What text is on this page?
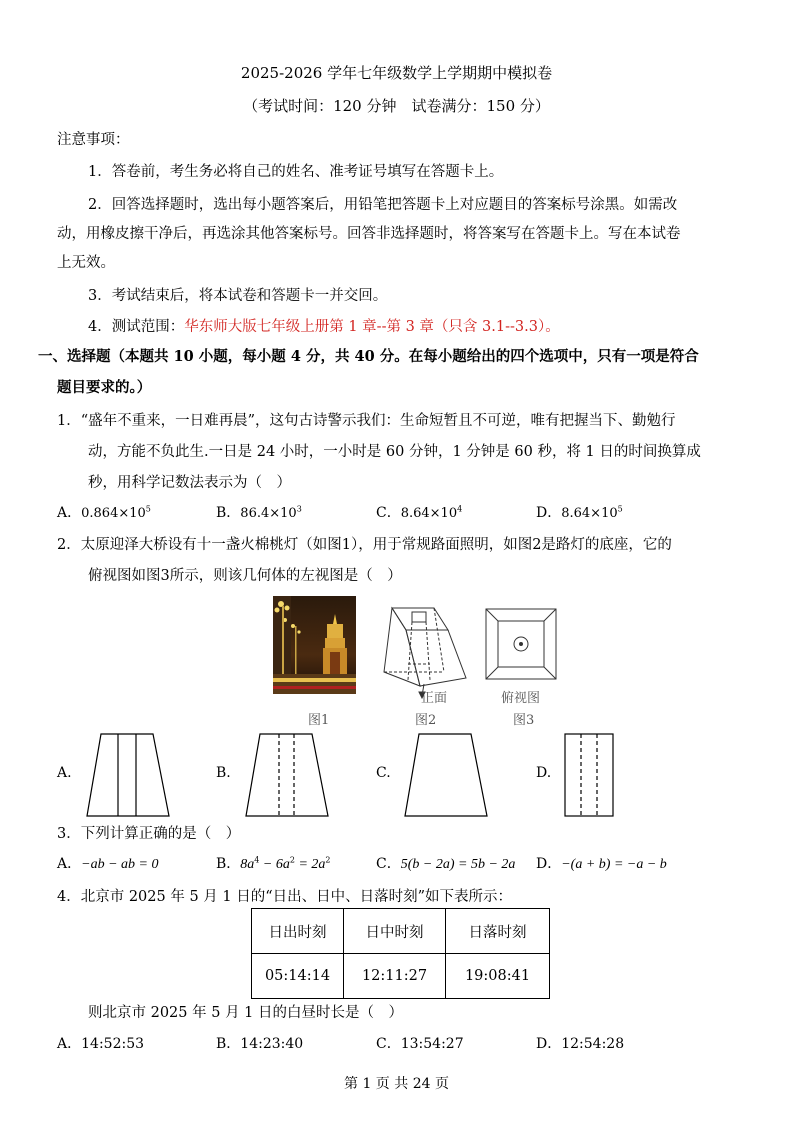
2025-2026 学年七年级数学上学期期中模拟卷
（考试时间：120 分钟　试卷满分：150 分）
注意事项：
1．答卷前，考生务必将自己的姓名、准考证号填写在答题卡上。
2．回答选择题时，选出每小题答案后，用铅笔把答题卡上对应题目的答案标号涂黑。如需改
动，用橡皮擦干净后，再选涂其他答案标号。回答非选择题时，将答案写在答题卡上。写在本试卷
上无效。
3．考试结束后，将本试卷和答题卡一并交回。
4．测试范围：华东师大版七年级上册第 1 章--第 3 章（只含 3.1--3.3）。
一、选择题（本题共 10 小题，每小题 4 分，共 40 分。在每小题给出的四个选项中，只有一项是符合
题目要求的。）
1．“盛年不重来，一日难再晨”，这句古诗警示我们：生命短暂且不可逆，唯有把握当下、勤勉行
动，方能不负此生.一日是 24 小时，一小时是 60 分钟，1 分钟是 60 秒，将 1 日的时间换算成
秒，用科学记数法表示为（　）
A．$0.864\times 10^5$	B．$86.4\times 10^3$	C．$8.64\times 10^4$	D．$8.64\times 10^5$
2．太原迎泽大桥设有十一盏火棉桃灯（如图1），用于常规路面照明，如图2是路灯的底座，它的
俯视图如图3所示，则该几何体的左视图是（　）
图1
正面
图2
俯视图
图3
A.	B.	C.	D.
3．下列计算正确的是（　）
A．−ab − ab = 0	B．$8a^4 - 6a^2 = 2a^2$	C．5(b − 2a) = 5b − 2a D．−(a + b) = −a − b
4．北京市 2025 年 5 月 1 日的“日出、日中、日落时刻”如下表所示：
日出时刻	日中时刻	日落时刻
05:14:14	12:11:27	19:08:41
则北京市 2025 年 5 月 1 日的白昼时长是（　）
A．14:52:53	B．14:23:40	C．13:54:27	D．12:54:28
第 1 页 共 24 页
